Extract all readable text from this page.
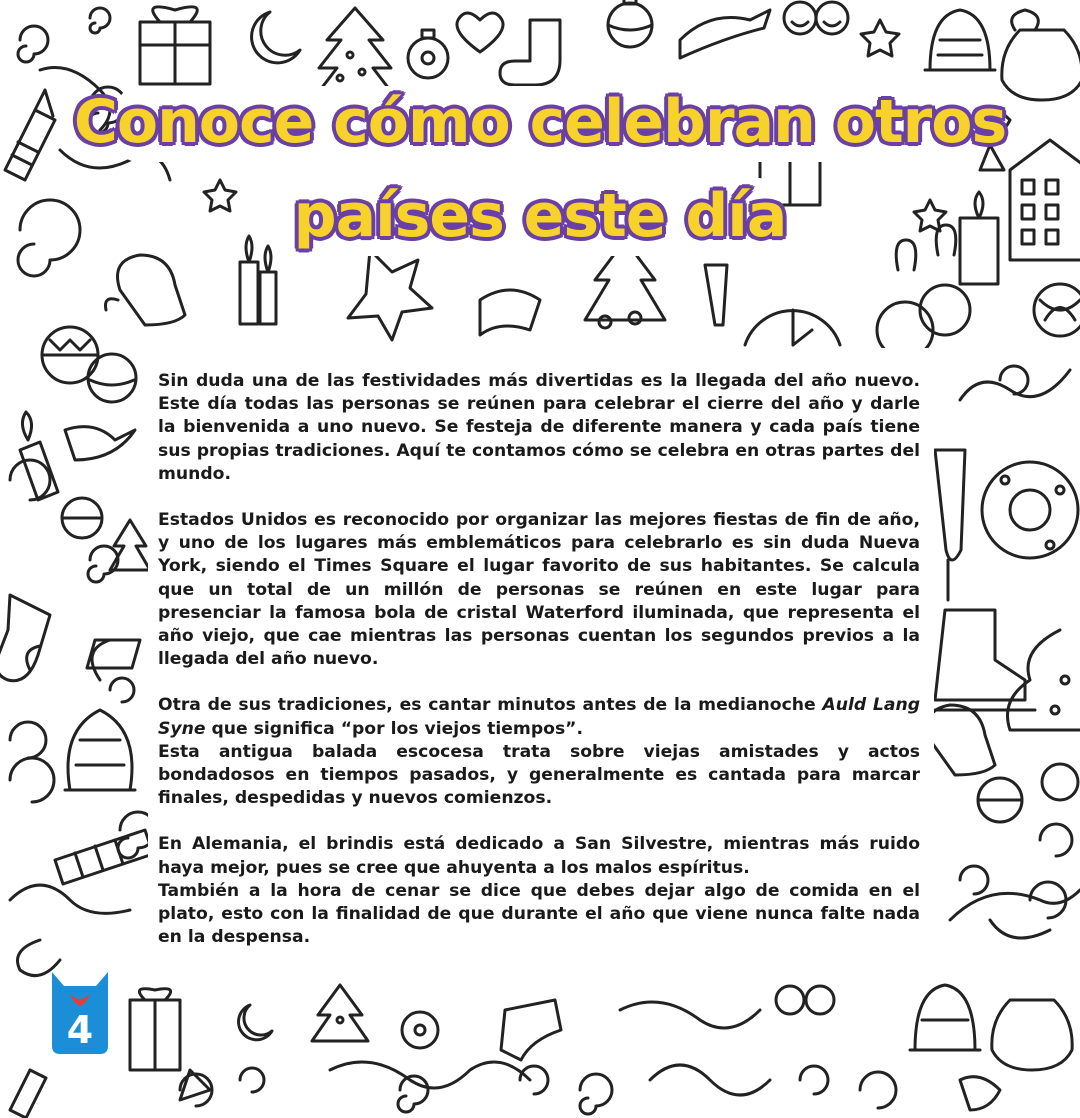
Conoce cómo celebran otros
países este día

Sin duda una de las festividades más divertidas es la llegada del año nuevo. Este día todas las personas se reúnen para celebrar el cierre del año y darle la bienvenida a uno nuevo. Se festeja de diferente manera y cada país tiene sus propias tradiciones. Aquí te contamos cómo se celebra en otras partes del mundo.

Estados Unidos es reconocido por organizar las mejores fiestas de fin de año, y uno de los lugares más emblemáticos para celebrarlo es sin duda Nueva York, siendo el Times Square el lugar favorito de sus habitantes. Se calcula que un total de un millón de personas se reúnen en este lugar para presenciar la famosa bola de cristal Waterford iluminada, que representa el año viejo, que cae mientras las personas cuentan los segundos previos a la llegada del año nuevo.

Otra de sus tradiciones, es cantar minutos antes de la medianoche Auld Lang Syne que significa “por los viejos tiempos”.

Esta antigua balada escocesa trata sobre viejas amistades y actos bondadosos en tiempos pasados, y generalmente es cantada para marcar finales, despedidas y nuevos comienzos.

En Alemania, el brindis está dedicado a San Silvestre, mientras más ruido haya mejor, pues se cree que ahuyenta a los malos espíritus.

También a la hora de cenar se dice que debes dejar algo de comida en el plato, esto con la finalidad de que durante el año que viene nunca falte nada en la despensa.

4
